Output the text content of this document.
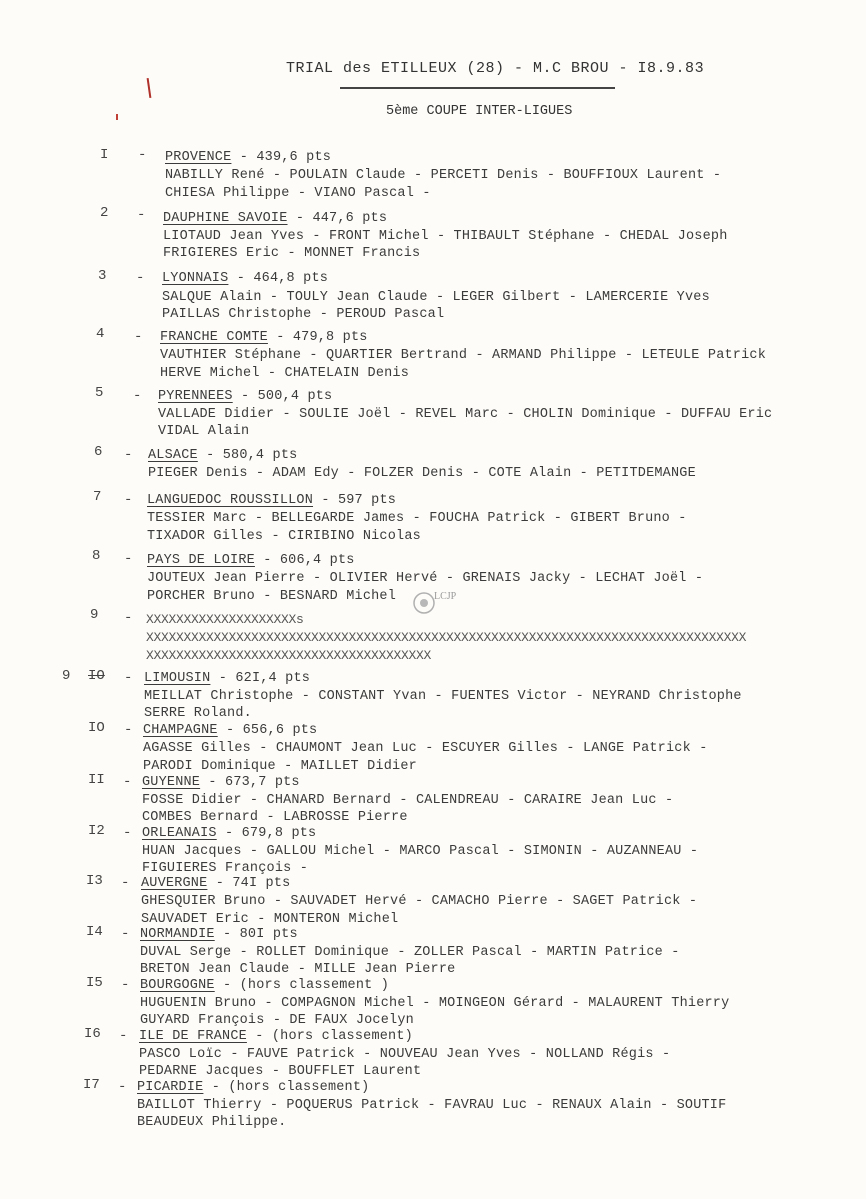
TRIAL des ETILLEUX (28) - M.C BROU - I8.9.83
5ème COUPE INTER-LIGUES
I - PROVENCE - 439,6 pts
NABILLY René - POULAIN Claude - PERCETI Denis - BOUFFIOUX Laurent -
CHIESA Philippe - VIANO Pascal -
2 - DAUPHINE SAVOIE - 447,6 pts
LIOTAUD Jean Yves - FRONT Michel - THIBAULT Stéphane - CHEDAL Joseph
FRIGIERES Eric - MONNET Francis
3 - LYONNAIS - 464,8 pts
SALQUE Alain - TOULY Jean Claude - LEGER Gilbert - LAMERCERIE Yves
PAILLAS Christophe - PEROUD Pascal
4 - FRANCHE COMTE - 479,8 pts
VAUTHIER Stéphane - QUARTIER Bertrand - ARMAND Philippe - LETEULE Patrick
HERVE Michel - CHATELAIN Denis
5 - PYRENNEES - 500,4 pts
VALLADE Didier - SOULIE Joël - REVEL Marc - CHOLIN Dominique - DUFFAU Eric
VIDAL Alain
6 - ALSACE - 580,4 pts
PIEGER Denis - ADAM Edy - FOLZER Denis - COTE Alain - PETITDEMANGE
7 - LANGUEDOC ROUSSILLON - 597 pts
TESSIER Marc - BELLEGARDE James - FOUCHA Patrick - GIBERT Bruno -
TIXADOR Gilles - CIRIBINO Nicolas
8 - PAYS DE LOIRE - 606,4 pts
JOUTEUX Jean Pierre - OLIVIER Hervé - GRENAIS Jacky - LECHAT Joël -
PORCHER Bruno - BESNARD Michel	LCJP
9 - XXXXXXXXXXXXXXXXXXXXs
XXXXXXXXXXXXXXXXXXXXXXXXXXXXXXXXXXXXXXXXXXXXXXXXXXXXXXXXXXXXXXXXXXXXXXXXXXXXXXXX
XXXXXXXXXXXXXXXXXXXXXXXXXXXXXXXXXXXXXX
9 IO - LIMOUSIN - 62I,4 pts
MEILLAT Christophe - CONSTANT Yvan - FUENTES Victor - NEYRAND Christophe
SERRE Roland.
IO - CHAMPAGNE - 656,6 pts
AGASSE Gilles - CHAUMONT Jean Luc - ESCUYER Gilles - LANGE Patrick -
PARODI Dominique - MAILLET Didier
II - GUYENNE - 673,7 pts
FOSSE Didier - CHANARD Bernard - CALENDREAU - CARAIRE Jean Luc -
COMBES Bernard - LABROSSE Pierre
I2 - ORLEANAIS - 679,8 pts
HUAN Jacques - GALLOU Michel - MARCO Pascal - SIMONIN - AUZANNEAU -
FIGUIERES François -
I3 - AUVERGNE - 74I pts
GHESQUIER Bruno - SAUVADET Hervé - CAMACHO Pierre - SAGET Patrick -
SAUVADET Eric - MONTERON Michel
I4 - NORMANDIE - 80I pts
DUVAL Serge - ROLLET Dominique - ZOLLER Pascal - MARTIN Patrice -
BRETON Jean Claude - MILLE Jean Pierre
I5 - BOURGOGNE - (hors classement )
HUGUENIN Bruno - COMPAGNON Michel - MOINGEON Gérard - MALAURENT Thierry
GUYARD François - DE FAUX Jocelyn
I6 - ILE DE FRANCE - (hors classement)
PASCO Loïc - FAUVE Patrick - NOUVEAU Jean Yves - NOLLAND Régis -
PEDARNE Jacques - BOUFFLET Laurent
I7 - PICARDIE - (hors classement)
BAILLOT Thierry - POQUERUS Patrick - FAVRAU Luc - RENAUX Alain - SOUTIF
BEAUDEUX Philippe.
